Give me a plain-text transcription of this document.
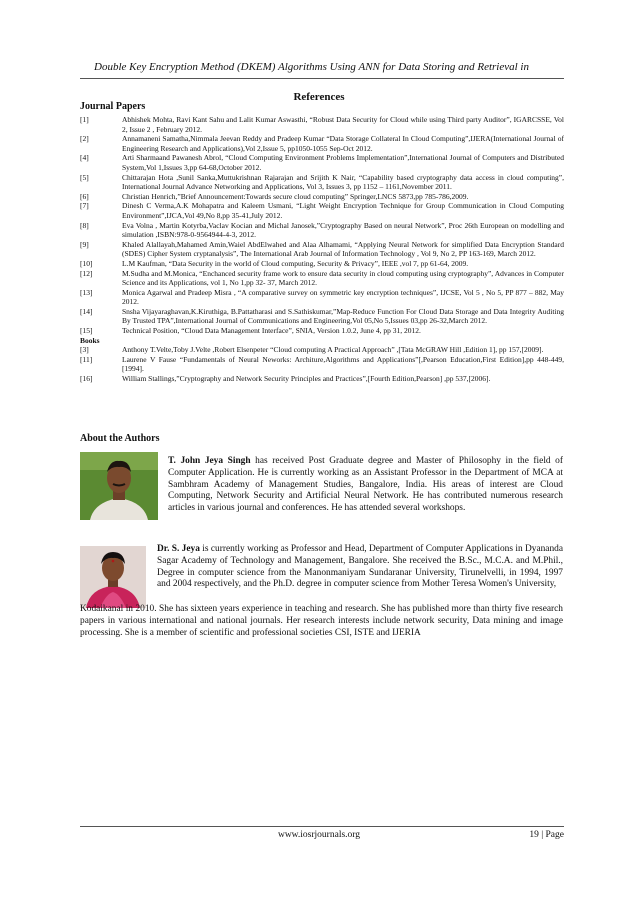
Double Key Encryption Method (DKEM) Algorithms Using ANN for Data Storing and Retrieval in
References
Journal Papers
[1]	Abhishek Mohta, Ravi Kant Sahu and Lalit Kumar Aswasthi, “Robust Data Security for Cloud while using Third party Auditor”, IGARCSSE, Vol 2, Issue 2 , February 2012.
[2]	Annamaneni Samatha,Nimmala Jeevan Reddy and Pradeep Kumar “Data Storage Collateral In Cloud Computing”,IJERA(International Journal of Engineering Research and Applications),Vol 2,Issue 5, pp1050-1055 Sep-Oct 2012.
[4]	Arti Sharmaand Pawanesh Abrol, “Cloud Computing Environment Problems Implementation”,International Journal of Computers and Distributed System,Vol 1,Issues 3,pp 64-68,October 2012.
[5]	Chittarajan Hota ,Sunil Sanka,Muttukrishnan Rajarajan and Srijith K Nair, “Capability based cryptography data access in cloud computing”, International Journal Advance Networking and Applications, Vol 3, Issues 3, pp 1152 – 1161,November 2011.
[6]	Christian Henrich,”Brief Announcement:Towards secure cloud computing” Springer,LNCS 5873,pp 785-786,2009.
[7]	Dinesh C Verma,A.K Mohapatra and Kaleem Usmani, “Light Weight Encryption Technique for Group Communication in Cloud Computing Environment”,IJCA,Vol 49,No 8,pp 35-41,July 2012.
[8]	Eva Volna , Martin Kotyrba,Vaclav Kocian and Michal Janosek,”Cryptography Based on neural Network”, Proc 26th European on modelling and simulation ,ISBN:978-0-9564944-4-3, 2012.
[9]	Khaled Alallayah,Mahamed Amin,Waiel AbdElwahed and Alaa Alhamami, “Applying Neural Network for simplified Data Encryption Standard (SDES) Cipher System cryptanalysis”, The International Arab Journal of Information Technology , Vol 9, No 2, PP 163-169, March 2012.
[10]	L.M Kaufman, “Data Security in the world of Cloud computing, Security & Privacy”, IEEE ,vol 7, pp 61-64, 2009.
[12]	M.Sudha and M.Monica, “Enchanced security frame work to ensure data security in cloud computing using cryptography”, Advances in Computer Science and its Applications, vol 1, No 1,pp 32- 37, March 2012.
[13]	Monica Agarwal and Pradeep Misra , “A comparative survey on symmetric key encryption techniques”, IJCSE, Vol 5 , No 5, PP 877 – 882, May 2012.
[14]	Snsha Vijayaraghavan,K.Kiruthiga, B.Pattatharasi and S.Sathiskumar,”Map-Reduce Function For Cloud Data Storage and Data Integrity Auditing By Trusted TPA”,International Journal of Communications and Engineering,Vol 05,No 5,Issues 03,pp 26-32,March 2012.
[15]	Technical Position, “Cloud Data Management Interface”, SNIA, Version 1.0.2, June 4, pp 31, 2012.
Books
[3]	Anthony T.Velte,Toby J.Velte ,Robert Elsenpeter “Cloud computing A Practical Approach” ,[Tata McGRAW Hill ,Edition 1], pp 157,[2009].
[11]	Laurene V Fause “Fundamentals of Neural Neworks: Architure,Algorithms and Applications”[,Pearson Education,First Edition],pp 448-449,[1994].
[16]	William Stallings,”Cryptography and Network Security Principles and Practices”,[Fourth Edition,Pearson] ,pp 537,[2006].
About the Authors
T. John Jeya Singh has received Post Graduate degree and Master of Philosophy in the field of Computer Application. He is currently working as an Assistant Professor in the Department of MCA at Sambhram Academy of Management Studies, Bangalore, India. His areas of interest are Cloud Computing, Network Security and Artificial Neural Network. He has contributed numerous research articles in various journal and conferences. He has attended several workshops.
Dr. S. Jeya is currently working as Professor and Head, Department of Computer Applications in Dyananda Sagar Academy of Technology and Management, Bangalore. She received the B.Sc., M.C.A. and M.Phil., Degree in computer science from the Manonmaniyam Sundaranar University, Tirunelvelli, in 1994, 1997 and 2004 respectively, and the Ph.D. degree in computer science from Mother Teresa Women's University,
Kodaikanal in 2010. She has sixteen years experience in teaching and research. She has published more than thirty five research papers in various international and national journals. Her research interests include network security, Data mining and image processing. She is a member of scientific and professional societies CSI, ISTE and IJERIA
www.iosrjournals.org	19 | Page
